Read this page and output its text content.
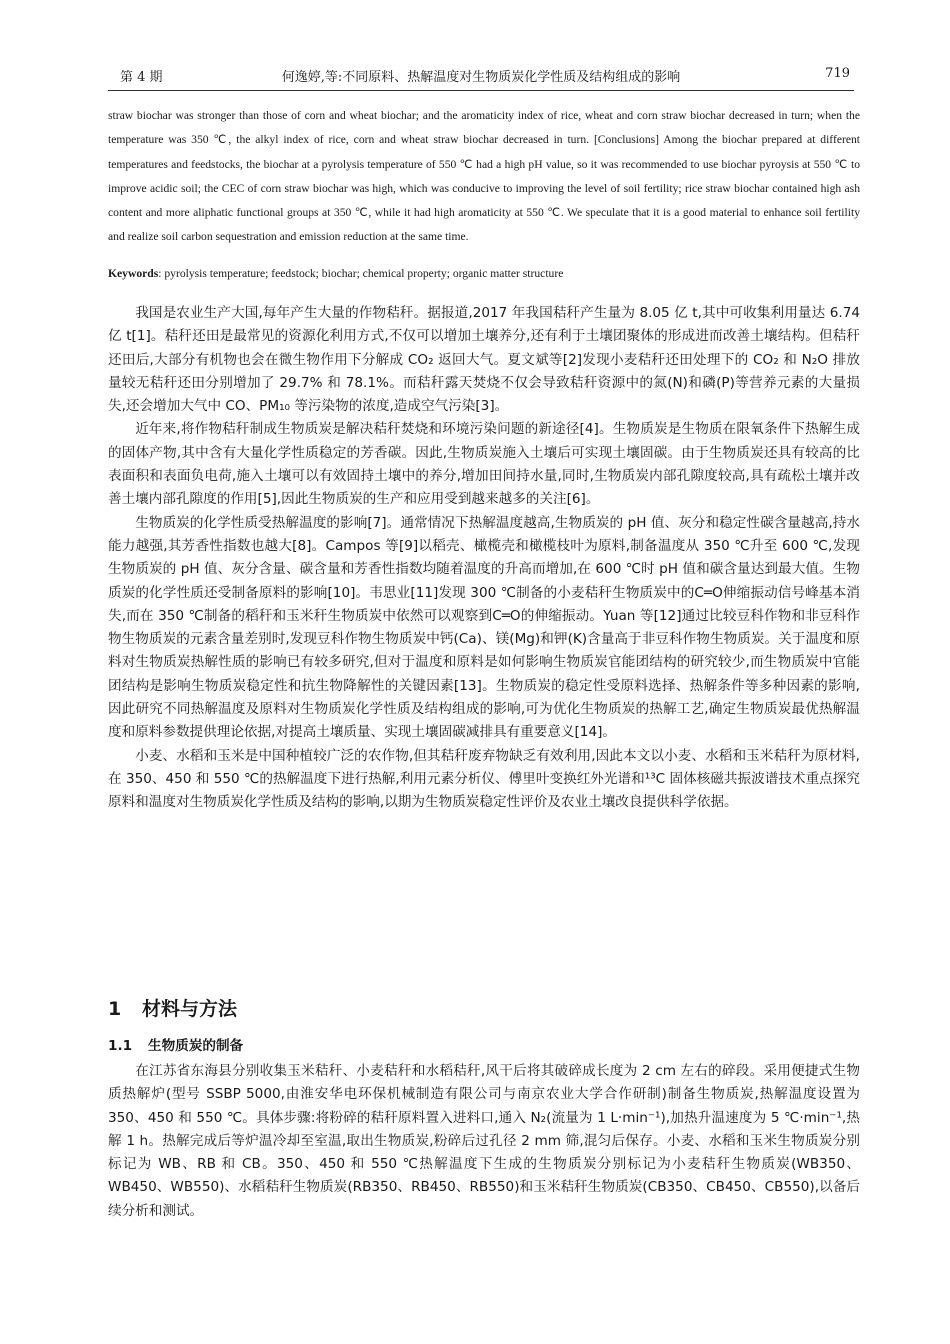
第 4 期	何逸婷,等:不同原料、热解温度对生物质炭化学性质及结构组成的影响	719

straw biochar was stronger than those of corn and wheat biochar; and the aromaticity index of rice, wheat and corn straw biochar decreased in turn; when the temperature was 350 ℃, the alkyl index of rice, corn and wheat straw biochar decreased in turn. [Conclusions] Among the biochar prepared at different temperatures and feedstocks, the biochar at a pyrolysis temperature of 550 ℃ had a high pH value, so it was recommended to use biochar pyroysis at 550 ℃ to improve acidic soil; the CEC of corn straw biochar was high, which was conducive to improving the level of soil fertility; rice straw biochar contained high ash content and more aliphatic functional groups at 350 ℃, while it had high aromaticity at 550 ℃. We speculate that it is a good material to enhance soil fertility and realize soil carbon sequestration and emission reduction at the same time.

Keywords: pyrolysis temperature; feedstock; biochar; chemical property; organic matter structure

我国是农业生产大国,每年产生大量的作物秸秆。据报道,2017 年我国秸秆产生量为 8.05 亿 t,其中可收集利用量达 6.74 亿 t[1]。秸秆还田是最常见的资源化利用方式,不仅可以增加土壤养分,还有利于土壤团聚体的形成进而改善土壤结构。但秸秆还田后,大部分有机物也会在微生物作用下分解成 CO₂ 返回大气。夏文斌等[2]发现小麦秸秆还田处理下的 CO₂ 和 N₂O 排放量较无秸秆还田分别增加了 29.7% 和 78.1%。而秸秆露天焚烧不仅会导致秸秆资源中的氮(N)和磷(P)等营养元素的大量损失,还会增加大气中 CO、PM₁₀ 等污染物的浓度,造成空气污染[3]。

近年来,将作物秸秆制成生物质炭是解决秸秆焚烧和环境污染问题的新途径[4]。生物质炭是生物质在限氧条件下热解生成的固体产物,其中含有大量化学性质稳定的芳香碳。因此,生物质炭施入土壤后可实现土壤固碳。由于生物质炭还具有较高的比表面积和表面负电荷,施入土壤可以有效固持土壤中的养分,增加田间持水量,同时,生物质炭内部孔隙度较高,具有疏松土壤并改善土壤内部孔隙度的作用[5],因此生物质炭的生产和应用受到越来越多的关注[6]。

生物质炭的化学性质受热解温度的影响[7]。通常情况下热解温度越高,生物质炭的 pH 值、灰分和稳定性碳含量越高,持水能力越强,其芳香性指数也越大[8]。Campos 等[9]以稻壳、橄榄壳和橄榄枝叶为原料,制备温度从 350 ℃升至 600 ℃,发现生物质炭的 pH 值、灰分含量、碳含量和芳香性指数均随着温度的升高而增加,在 600 ℃时 pH 值和碳含量达到最大值。生物质炭的化学性质还受制备原料的影响[10]。韦思业[11]发现 300 ℃制备的小麦秸秆生物质炭中的C═O伸缩振动信号峰基本消失,而在 350 ℃制备的稻秆和玉米秆生物质炭中依然可以观察到C═O的伸缩振动。Yuan 等[12]通过比较豆科作物和非豆科作物生物质炭的元素含量差别时,发现豆科作物生物质炭中钙(Ca)、镁(Mg)和钾(K)含量高于非豆科作物生物质炭。关于温度和原料对生物质炭热解性质的影响已有较多研究,但对于温度和原料是如何影响生物质炭官能团结构的研究较少,而生物质炭中官能团结构是影响生物质炭稳定性和抗生物降解性的关键因素[13]。生物质炭的稳定性受原料选择、热解条件等多种因素的影响,因此研究不同热解温度及原料对生物质炭化学性质及结构组成的影响,可为优化生物质炭的热解工艺,确定生物质炭最优热解温度和原料参数提供理论依据,对提高土壤质量、实现土壤固碳减排具有重要意义[14]。

小麦、水稻和玉米是中国种植较广泛的农作物,但其秸秆废弃物缺乏有效利用,因此本文以小麦、水稻和玉米秸秆为原材料,在 350、450 和 550 ℃的热解温度下进行热解,利用元素分析仪、傅里叶变换红外光谱和¹³C 固体核磁共振波谱技术重点探究原料和温度对生物质炭化学性质及结构的影响,以期为生物质炭稳定性评价及农业土壤改良提供科学依据。

1 材料与方法
1.1 生物质炭的制备

在江苏省东海县分别收集玉米秸秆、小麦秸秆和水稻秸秆,风干后将其破碎成长度为 2 cm 左右的碎段。采用便捷式生物质热解炉(型号 SSBP 5000,由淮安华电环保机械制造有限公司与南京农业大学合作研制)制备生物质炭,热解温度设置为 350、450 和 550 ℃。具体步骤:将粉碎的秸秆原料置入进料口,通入 N₂(流量为 1 L·min⁻¹),加热升温速度为 5 ℃·min⁻¹,热解 1 h。热解完成后等炉温冷却至室温,取出生物质炭,粉碎后过孔径 2 mm 筛,混匀后保存。小麦、水稻和玉米生物质炭分别标记为 WB、RB 和 CB。350、450 和 550 ℃热解温度下生成的生物质炭分别标记为小麦秸秆生物质炭(WB350、WB450、WB550)、水稻秸秆生物质炭(RB350、RB450、RB550)和玉米秸秆生物质炭(CB350、CB450、CB550),以备后续分析和测试。
